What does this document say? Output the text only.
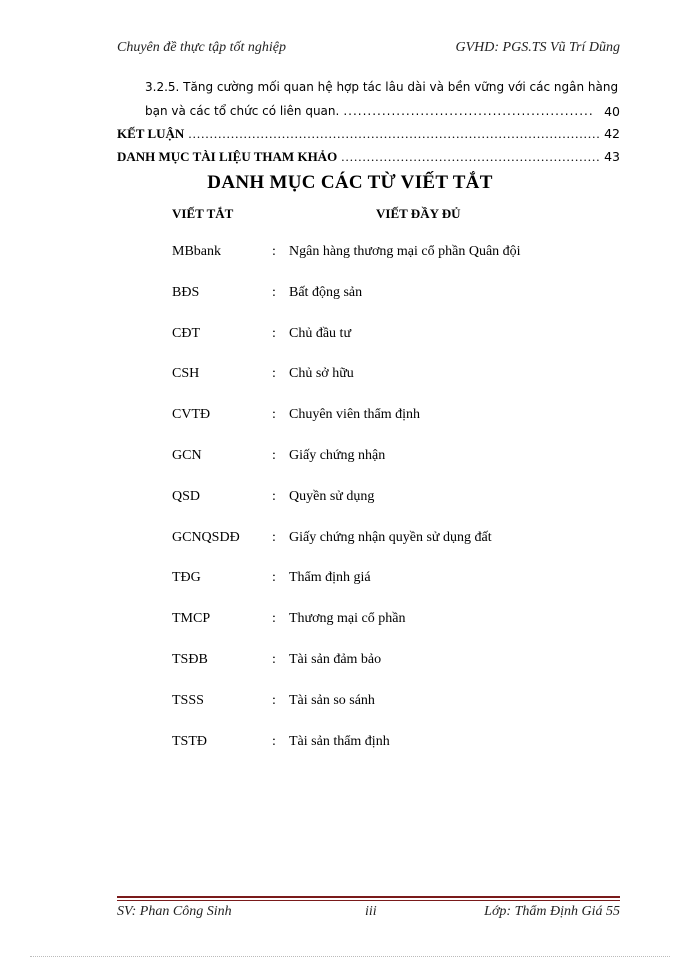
Chuyên đề thực tập tốt nghiệp	GVHD: PGS.TS Vũ Trí Dũng
3.2.5. Tăng cường mối quan hệ hợp tác lâu dài và bền vững với các ngân hàng
bạn và các tổ chức có liên quan. .....	40
KẾT LUẬN .....	42
DANH MỤC TÀI LIỆU THAM KHẢO .....	43
DANH MỤC CÁC TỪ VIẾT TẮT
VIẾT TẮT	VIẾT ĐẦY ĐỦ
MBbank	: Ngân hàng thương mại cổ phần Quân đội
BĐS	: Bất động sản
CĐT	: Chủ đầu tư
CSH	: Chủ sở hữu
CVTĐ	: Chuyên viên thẩm định
GCN	: Giấy chứng nhận
QSD	: Quyền sử dụng
GCNQSDĐ : Giấy chứng nhận quyền sử dụng đất
TĐG	: Thẩm định giá
TMCP	: Thương mại cổ phần
TSĐB	: Tài sản đảm bảo
TSSS	: Tài sản so sánh
TSTĐ	: Tài sản thẩm định
SV: Phan Công Sinh	iii	Lớp: Thẩm Định Giá 55
